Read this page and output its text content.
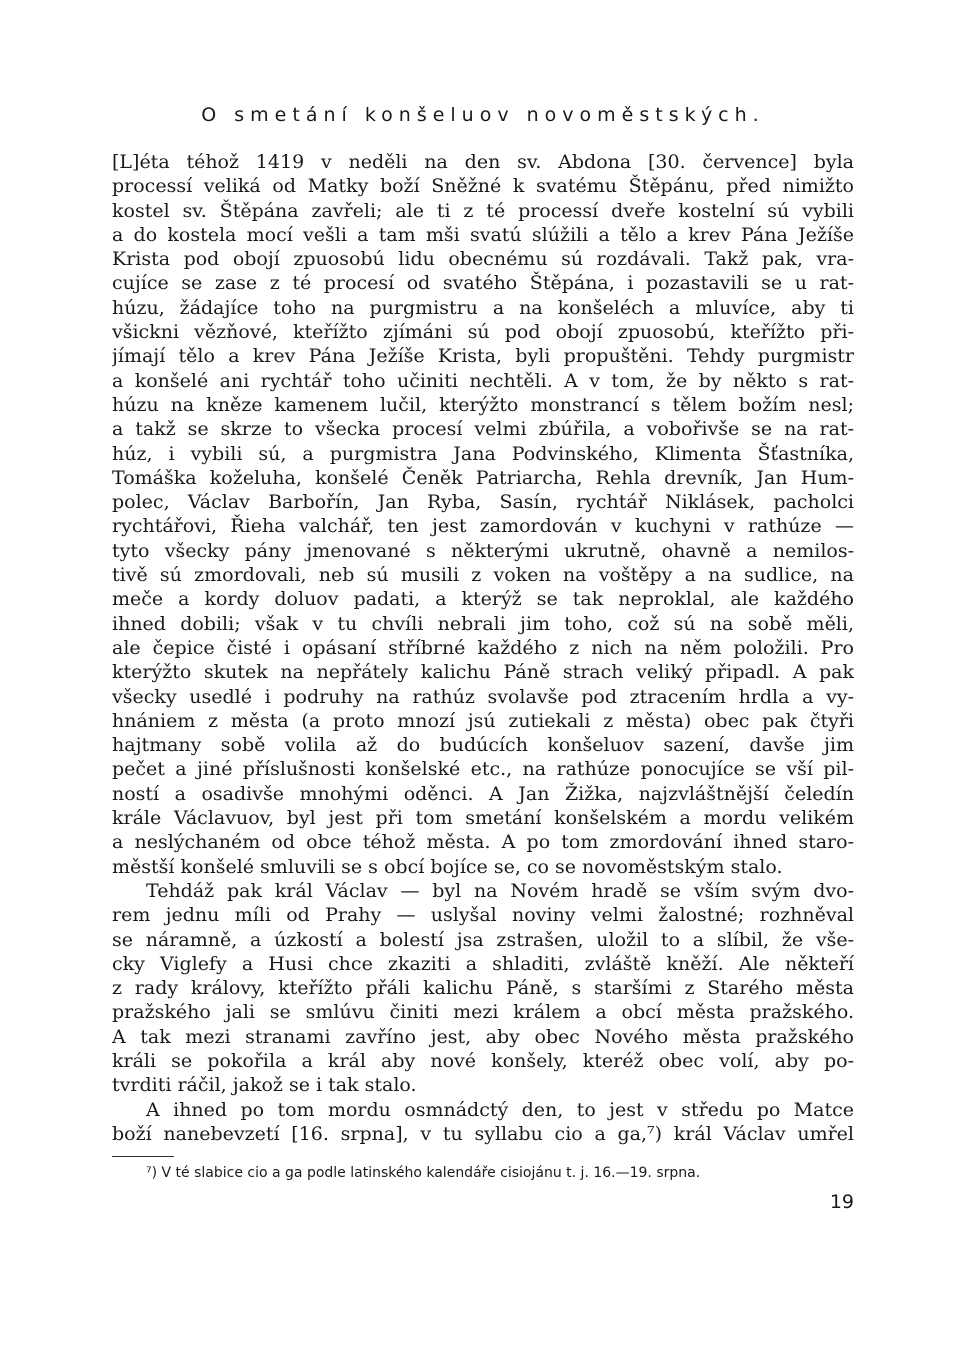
O smetání konšeluov novoměstských.
[L]éta téhož 1419 v neděli na den sv. Abdona [30. července] byla
processí veliká od Matky boží Sněžné k svatému Štěpánu, před nimižto
kostel sv. Štěpána zavřeli; ale ti z té processí dveře kostelní sú vybili
a do kostela mocí vešli a tam mši svatú slúžili a tělo a krev Pána Ježíše
Krista pod obojí zpuosobú lidu obecnému sú rozdávali. Takž pak, vra-
cujíce se zase z té procesí od svatého Štěpána, i pozastavili se u rat-
húzu, žádajíce toho na purgmistru a na konšeléch a mluvíce, aby ti
všickni vězňové, kteřížto zjímáni sú pod obojí zpuosobú, kteřížto při-
jímají tělo a krev Pána Ježíše Krista, byli propuštěni. Tehdy purgmistr
a konšelé ani rychtář toho učiniti nechtěli. A v tom, že by někto s rat-
húzu na kněze kamenem lučil, kterýžto monstrancí s tělem božím nesl;
a takž se skrze to všecka procesí velmi zbúřila, a vobořivše se na rat-
húz, i vybili sú, a purgmistra Jana Podvinského, Klimenta Šťastníka,
Tomáška koželuha, konšelé Čeněk Patriarcha, Rehla drevník, Jan Hum-
polec, Václav Barbořín, Jan Ryba, Sasín, rychtář Niklásek, pacholci
rychtářovi, Řieha valchář, ten jest zamordován v kuchyni v rathúze —
tyto všecky pány jmenované s některými ukrutně, ohavně a nemilos-
tivě sú zmordovali, neb sú musili z voken na voštěpy a na sudlice, na
meče a kordy doluov padati, a kterýž se tak neproklal, ale každého
ihned dobili; však v tu chvíli nebrali jim toho, což sú na sobě měli,
ale čepice čisté i opásaní stříbrné každého z nich na něm položili. Pro
kterýžto skutek na nepřátely kalichu Páně strach veliký připadl. A pak
všecky usedlé i podruhy na rathúz svolavše pod ztracením hrdla a vy-
hnániem z města (a proto mnozí jsú zutiekali z města) obec pak čtyři
hajtmany sobě volila až do budúcích konšeluov sazení, davše jim
pečet a jiné příslušnosti konšelské etc., na rathúze ponocujíce se vší pil-
ností a osadivše mnohými oděnci. A Jan Žižka, najzvláštnější čeledín
krále Václavuov, byl jest při tom smetání konšelském a mordu velikém
a neslýchaném od obce téhož města. A po tom zmordování ihned staro-
městší konšelé smluvili se s obcí bojíce se, co se novoměstským stalo.
Tehdáž pak král Václav — byl na Novém hradě se vším svým dvo-
rem jednu míli od Prahy — uslyšal noviny velmi žalostné; rozhněval
se náramně, a úzkostí a bolestí jsa zstrašen, uložil to a slíbil, že vše-
cky Viglefy a Husi chce zkaziti a shladiti, zvláště kněží. Ale někteří
z rady královy, kteřížto přáli kalichu Páně, s staršími z Starého města
pražského jali se smlúvu činiti mezi králem a obcí města pražského.
A tak mezi stranami zavříno jest, aby obec Nového města pražského
králi se pokořila a král aby nové konšely, kteréž obec volí, aby po-
tvrditi ráčil, jakož se i tak stalo.
A ihned po tom mordu osmnádctý den, to jest v středu po Matce
boží nanebevzetí [16. srpna], v tu syllabu cio a ga,⁷) král Václav umřel
⁷) V té slabice cio a ga podle latinského kalendáře cisiojánu t. j. 16.—19. srpna.
19
